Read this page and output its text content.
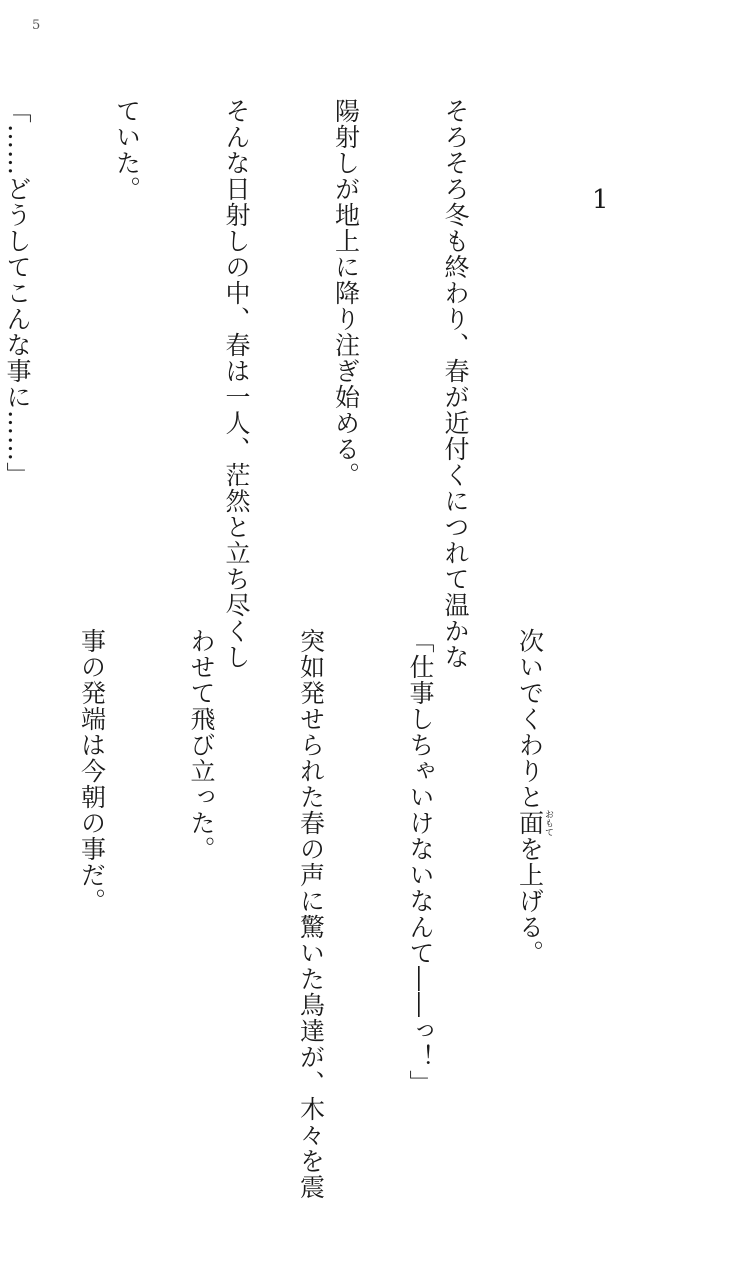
5
1

そろそろ冬も終わり、春が近付くにつれて温かな

陽射しが地上に降り注ぎ始める。

そんな日射しの中、春は一人、茫然と立ち尽くし

ていた。

「……どうしてこんな事に……」

次いでくわりと面おもてを上げる。

「仕事しちゃいけないなんて――っ！」

突如発せられた春の声に驚いた鳥達が、木々を震

わせて飛び立った。

事の発端は今朝の事だ。
